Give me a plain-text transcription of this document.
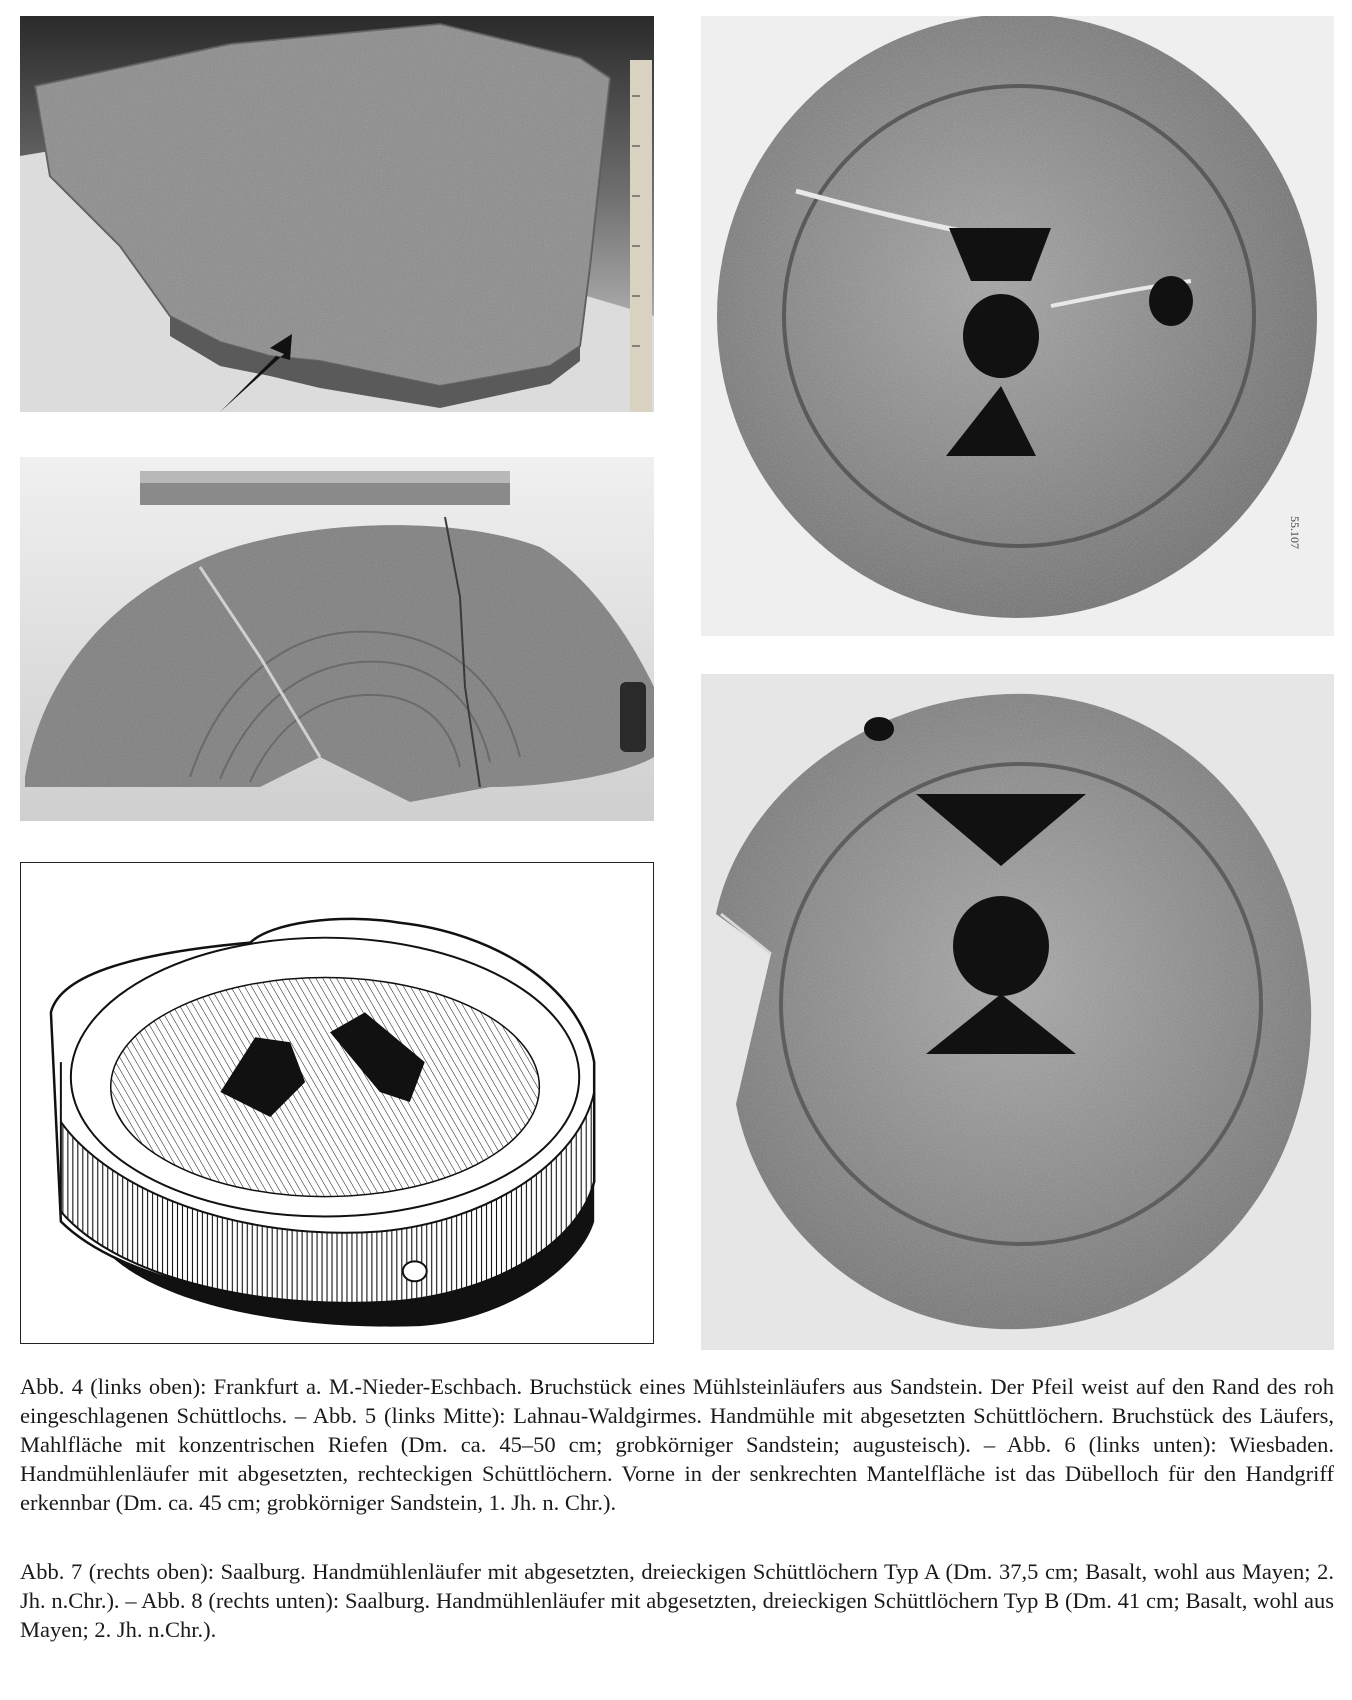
55.107

Abb. 4 (links oben): Frankfurt a. M.-Nieder-Eschbach. Bruchstück eines Mühlsteinläufers aus Sandstein. Der Pfeil weist auf den Rand des roh eingeschlagenen Schüttlochs. – Abb. 5 (links Mitte): Lahnau-Waldgirmes. Handmühle mit abgesetzten Schüttlöchern. Bruchstück des Läufers, Mahlfläche mit konzentrischen Riefen (Dm. ca. 45–50 cm; grobkörniger Sandstein; augusteisch). – Abb. 6 (links unten): Wiesbaden. Handmühlenläufer mit abgesetzten, rechteckigen Schüttlöchern. Vorne in der senkrechten Mantelfläche ist das Dübelloch für den Handgriff erkennbar (Dm. ca. 45 cm; grobkörniger Sandstein, 1. Jh. n. Chr.).

Abb. 7 (rechts oben): Saalburg. Handmühlenläufer mit abgesetzten, dreieckigen Schüttlöchern Typ A (Dm. 37,5 cm; Basalt, wohl aus Mayen; 2. Jh. n.Chr.). – Abb. 8 (rechts unten): Saalburg. Handmühlenläufer mit abgesetzten, dreieckigen Schüttlöchern Typ B (Dm. 41 cm; Basalt, wohl aus Mayen; 2. Jh. n.Chr.).
